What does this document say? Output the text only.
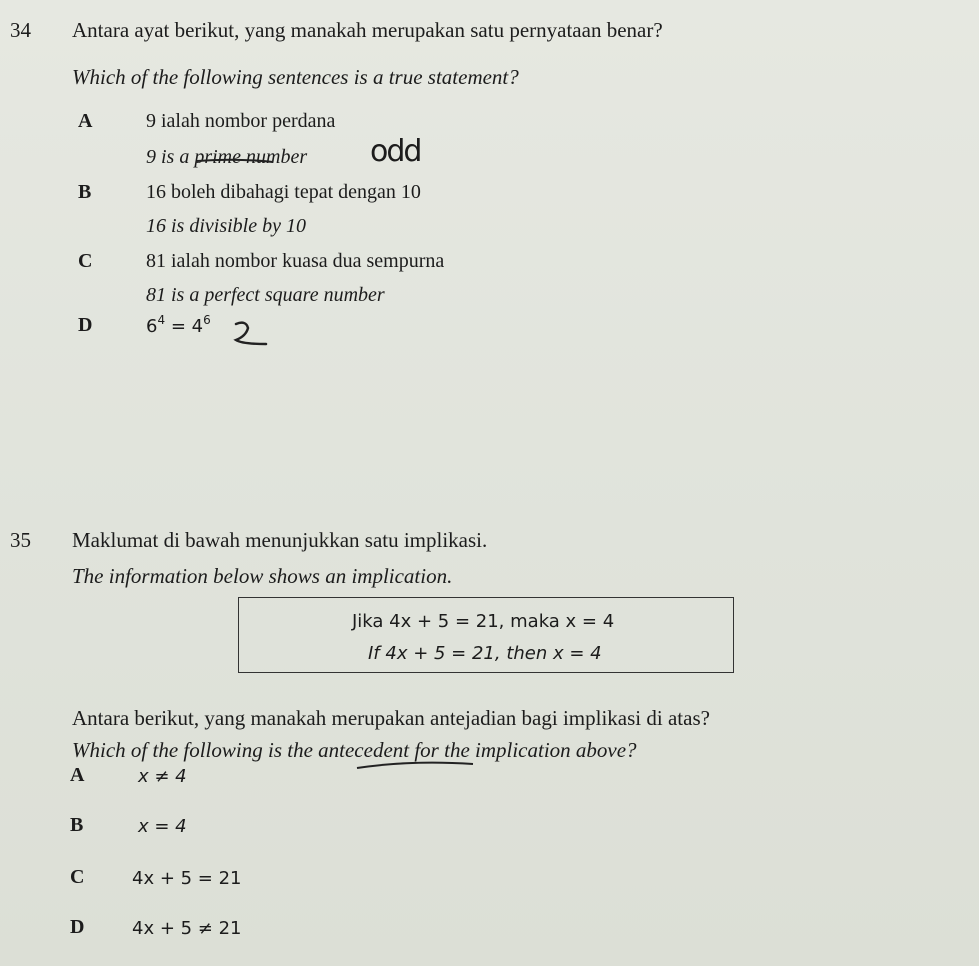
34 Antara ayat berikut, yang manakah merupakan satu pernyataan benar?
Which of the following sentences is a true statement?
A	9 ialah nombor perdana
9 is a prime number odd
B	16 boleh dibahagi tepat dengan 10
16 is divisible by 10
C	81 ialah nombor kuasa dua sempurna
81 is a perfect square number
D	$6^4 = 4^6$
35 Maklumat di bawah menunjukkan satu implikasi.
The information below shows an implication.
Jika 4x + 5 = 21, maka x = 4
If 4x + 5 = 21, then x = 4
Antara berikut, yang manakah merupakan antejadian bagi implikasi di atas?
Which of the following is the antecedent for the implication above?
A	x ≠ 4
B	x = 4
C	4x + 5 = 21
D	4x + 5 ≠ 21
